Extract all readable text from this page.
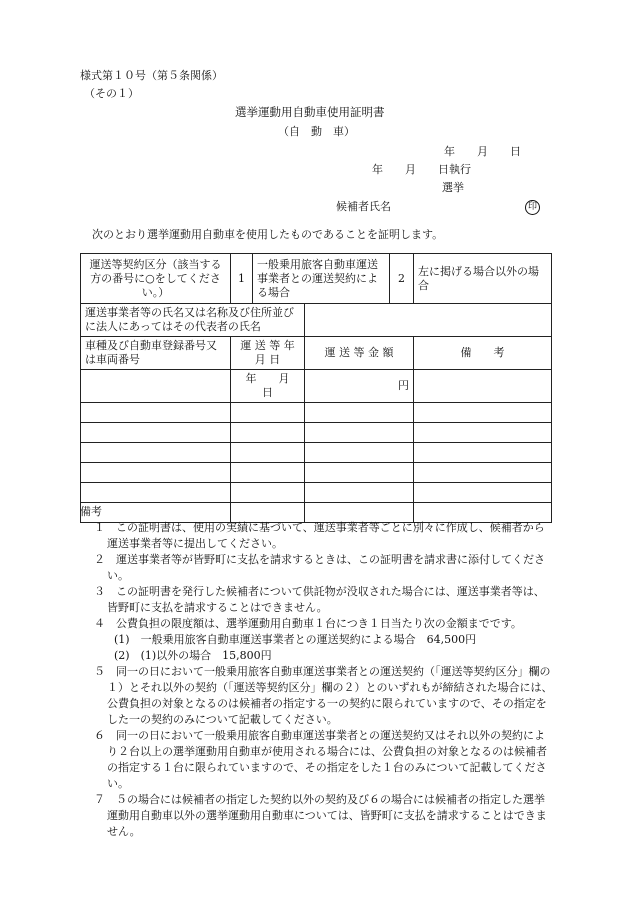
様式第１０号（第５条関係）
（その１）
選挙運動用自動車使用証明書
（自　動　車）
年　　月　　日
年　　月　　日執行
選挙
候補者氏名	印
次のとおり選挙運動用自動車を使用したものであることを証明します。
運送等契約区分（該当する方の番号に○をしてください。）	1	一般乗用旅客自動車運送事業者との運送契約による場合		2	左に掲げる場合以外の場合
運送事業者等の氏名又は名称及び住所並びに法人にあってはその代表者の氏名					
車種及び自動車登録番号又は車両番号	運 送 等 年 月 日		運 送 等 金 額		備　　考
	年　　月　　日		円		

備考

１　この証明書は、使用の実績に基づいて、運送事業者等ごとに別々に作成し、候補者から運送事業者等に提出してください。

２　運送事業者等が皆野町に支払を請求するときは、この証明書を請求書に添付してください。

３　この証明書を発行した候補者について供託物が没収された場合には、運送事業者等は、皆野町に支払を請求することはできません。

４　公費負担の限度額は、選挙運動用自動車１台につき１日当たり次の金額までです。

(1)　一般乗用旅客自動車運送事業者との運送契約による場合　64,500円

(2)　(1)以外の場合　15,800円

５　同一の日において一般乗用旅客自動車運送事業者との運送契約（「運送等契約区分」欄の１）とそれ以外の契約（「運送等契約区分」欄の２）とのいずれもが締結された場合には、公費負担の対象となるのは候補者の指定する一の契約に限られていますので、その指定をした一の契約のみについて記載してください。

６　同一の日において一般乗用旅客自動車運送事業者との運送契約又はそれ以外の契約により２台以上の選挙運動用自動車が使用される場合には、公費負担の対象となるのは候補者の指定する１台に限られていますので、その指定をした１台のみについて記載してください。

７　５の場合には候補者の指定した契約以外の契約及び６の場合には候補者の指定した選挙運動用自動車以外の選挙運動用自動車については、皆野町に支払を請求することはできません。
